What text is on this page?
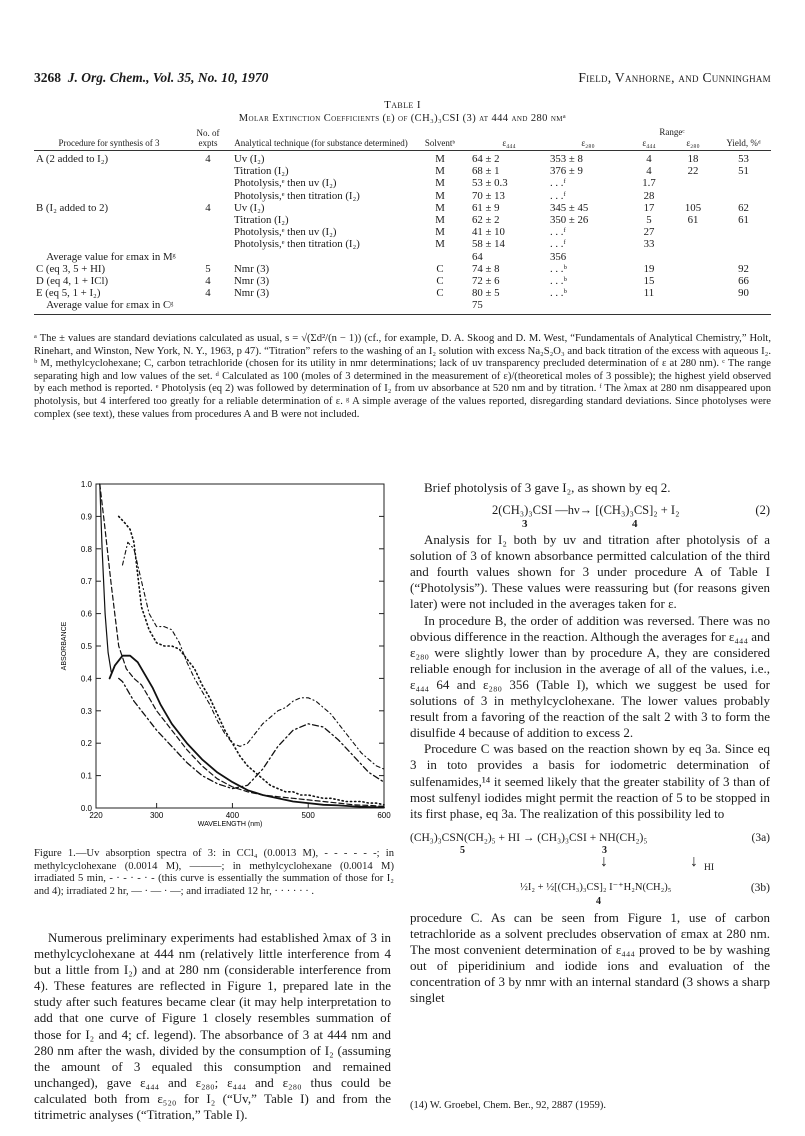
3268 J. Org. Chem., Vol. 35, No. 10, 1970	Field, Vanhorne, and Cunningham
Table I
Molar Extinction Coefficients (ε) of (CH₃)₃CSI (3) at 444 and 280 nmᵃ
Procedure for synthesis of 3	No. of expts	Analytical technique (for substance determined)	Solventᵇ	ε₄₄₄	ε₂₈₀	Rangeᶜ
ε₄₄₄	ε₂₈₀	Yield, %ᵈ
A (2 added to I₂)	4	Uv (I₂)	M	64 ± 2	353 ± 8	4	18	53
		Titration (I₂)	M	68 ± 1	376 ± 9	4	22	51
		Photolysis,ᵉ then uv (I₂)	M	53 ± 0.3	. . .ᶠ	1.7		
		Photolysis,ᵉ then titration (I₂)	M	70 ± 13	. . .ᶠ	28		
B (I₂ added to 2)	4	Uv (I₂)	M	61 ± 9	345 ± 45	17	105	62
		Titration (I₂)	M	62 ± 2	350 ± 26	5	61	61
		Photolysis,ᵉ then uv (I₂)	M	41 ± 10	. . .ᶠ	27		
		Photolysis,ᵉ then titration (I₂)	M	58 ± 14	. . .ᶠ	33		
Average value for εmax in Mᵍ				64	356			
C (eq 3, 5 + HI)	5	Nmr (3)	C	74 ± 8	. . .ᵇ	19		92
D (eq 4, 1 + ICl)	4	Nmr (3)	C	72 ± 6	. . .ᵇ	15		66
E (eq 5, 1 + I₂)	4	Nmr (3)	C	80 ± 5	. . .ᵇ	11		90
Average value for εmax in Cᵍ				75				

ᵃ The ± values are standard deviations calculated as usual, s = √(Σd²/(n − 1)) (cf., for example, D. A. Skoog and D. M. West, “Fundamentals of Analytical Chemistry,” Holt, Rinehart, and Winston, New York, N. Y., 1963, p 47). “Titration” refers to the washing of an I₂ solution with excess Na₂S₂O₃ and back titration of the excess with aqueous I₂. ᵇ M, methylcyclohexane; C, carbon tetrachloride (chosen for its utility in nmr determinations; lack of uv transparency precluded determination of ε at 280 nm). ᶜ The range separating high and low values of the set. ᵈ Calculated as 100 (moles of 3 determined in the measurement of ε)/(theoretical moles of 3 possible); the highest yield observed by each method is reported. ᵉ Photolysis (eq 2) was followed by determination of I₂ from uv absorbance at 520 nm and by titration. ᶠ The λmax at 280 nm disappeared upon photolysis, but 4 interfered too greatly for a reliable determination of ε. ᵍ A simple average of the values reported, disregarding standard deviations. Since photolyses were complex (see text), these values from procedures A and B were not included.

0.0
0.1
0.2
0.3
0.4
0.5
0.6
0.7
0.8
0.9
1.0
220	300	400	500	600
WAVELENGTH (nm)
ABSORBANCE

Figure 1.—Uv absorption spectra of 3: in CCl₄ (0.0013 M), - - - - - -; in methylcyclohexane (0.0014 M), ———; in methylcyclohexane (0.0014 M) irradiated 5 min, - · - · - · - (this curve is essentially the summation of those for I₂ and 4); irradiated 2 hr, — · — · —; and irradiated 12 hr, · · · · · · .

Numerous preliminary experiments had established λmax of 3 in methylcyclohexane at 444 nm (relatively little interference from 4 but a little from I₂) and at 280 nm (considerable interference from 4). These features are reflected in Figure 1, prepared late in the study after such features became clear (it may help interpretation to add that one curve of Figure 1 closely resembles summation of those for I₂ and 4; cf. legend). The absorbance of 3 at 444 nm and 280 nm after the wash, divided by the consumption of I₂ (assuming the amount of 3 equaled this consumption and remained unchanged), gave ε₄₄₄ and ε₂₈₀; ε₄₄₄ and ε₂₈₀ thus could be calculated both from ε₅₂₀ for I₂ (“Uv,” Table I) and from the titrimetric analyses (“Titration,” Table I).

Brief photolysis of 3 gave I₂, as shown by eq 2.

2(CH₃)₃CSI —hν→ [(CH₃)₃CS]₂ + I₂	(2)
3	4

Analysis for I₂ both by uv and titration after photolysis of a solution of 3 of known absorbance permitted calculation of the third and fourth values shown for 3 under procedure A of Table I (“Photolysis”). These values were reassuring but (for reasons given later) were not included in the averages taken for ε.

In procedure B, the order of addition was reversed. There was no obvious difference in the reaction. Although the averages for ε₄₄₄ and ε₂₈₀ were slightly lower than by procedure A, they are considered reliable enough for inclusion in the average of all of the values, i.e., ε₄₄₄ 64 and ε₂₈₀ 356 (Table I), which we suggest be used for solutions of 3 in methylcyclohexane. The lower values probably result from a favoring of the reaction of the salt 2 with 3 to form the disulfide 4 because of addition to excess 2.

Procedure C was based on the reaction shown by eq 3a. Since eq 3 in toto provides a basis for iodometric determination of sulfenamides,¹⁴ it seemed likely that the greater stability of 3 than of most sulfenyl iodides might permit the reaction of 5 to be stopped in its first phase, eq 3a. The realization of this possibility led to

(CH₃)₃CSN(CH₂)₅ + HI → (CH₃)₃CSI + NH(CH₂)₅	(3a)
5	3
↓	↓ HI
½I₂ + ½[(CH₃)₃CS]₂ I⁻⁺H₂N(CH₂)₅	(3b)
4

procedure C. As can be seen from Figure 1, use of carbon tetrachloride as a solvent precludes observation of εmax at 280 nm. The most convenient determination of ε₄₄₄ proved to be by washing out of piperidinium and iodide ions and evaluation of the concentration of 3 by nmr with an internal standard (3 shows a sharp singlet

(14) W. Groebel, Chem. Ber., 92, 2887 (1959).
